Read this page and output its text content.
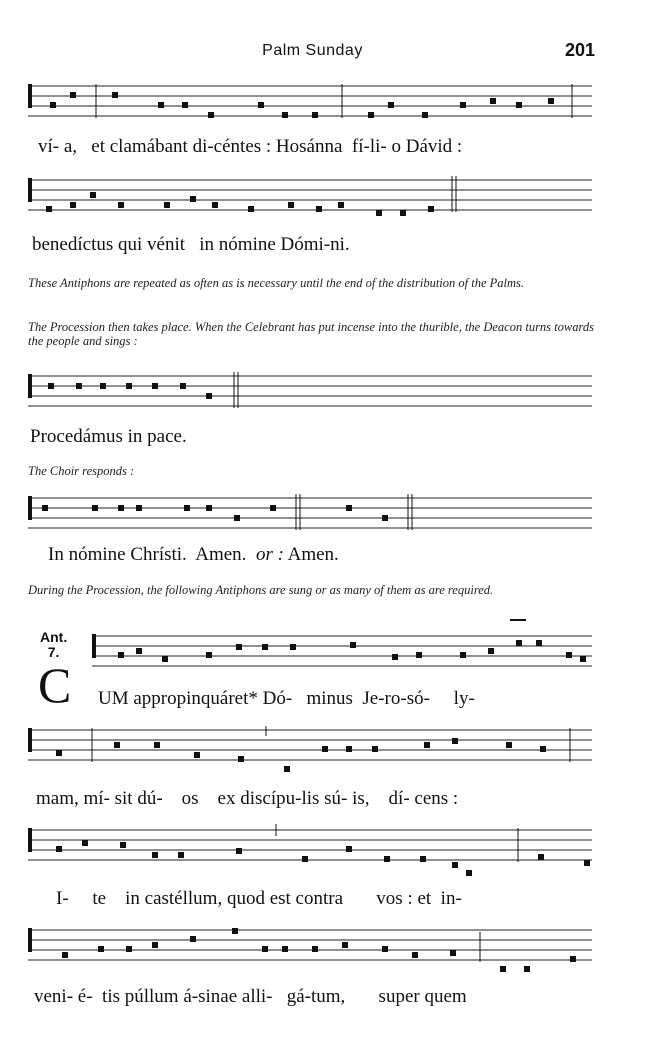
Palm Sunday	201
ví- a,   et clamábant di-céntes : Hosánna  fí-li- o Dávid :
benedíctus qui vénit   in nómine Dómi-ni.
These Antiphons are repeated as often as is necessary until the end of the distribution of the Palms.
The Procession then takes place. When the Celebrant has put incense into the thurible, the Deacon turns towards the people and sings :
Procedámus in pace.
The Choir responds :
In nómine Chrísti.  Amen. or : Amen.
During the Procession, the following Antiphons are sung or as many of them as are required.
Ant.
7.
C UM appropinquáret* Dó-   minus  Je-ro-só-     ly-
mam, mí- sit dú-    os    ex discípu-lis sú- is,    dí- cens :
I-     te    in castéllum, quod est contra       vos : et  in-
veni- é-  tis púllum á-sinae alli-   gá-tum,       super quem
